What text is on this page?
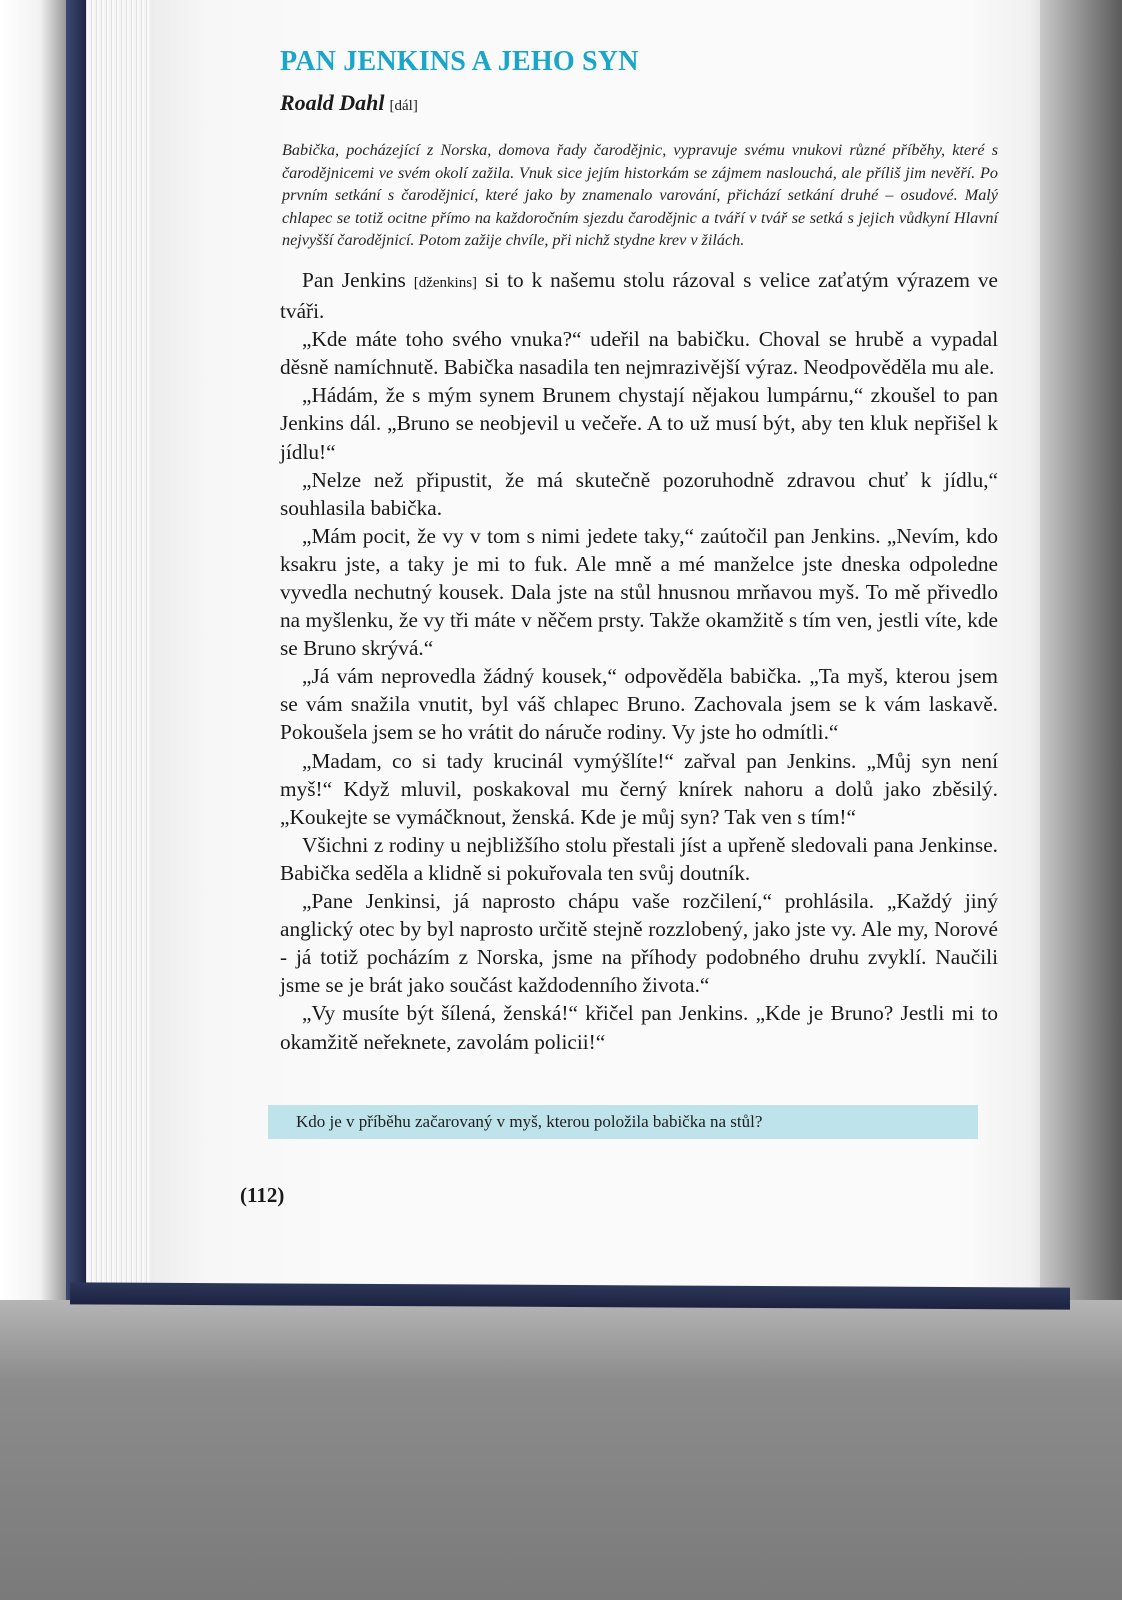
PAN JENKINS A JEHO SYN
Roald Dahl [dál]

Babička, pocházející z Norska, domova řady čarodějnic, vypravuje svému vnukovi různé příběhy, které s čarodějnicemi ve svém okolí zažila. Vnuk sice jejím historkám se zájmem naslouchá, ale příliš jim nevěří. Po prvním setkání s čarodějnicí, které jako by znamenalo varování, přichází setkání druhé – osudové. Malý chlapec se totiž ocitne přímo na každoročním sjezdu čarodějnic a tváří v tvář se setká s jejich vůdkyní Hlavní nejvyšší čarodějnicí. Potom zažije chvíle, při nichž stydne krev v žilách.

Pan Jenkins [dženkins] si to k našemu stolu rázoval s velice zaťatým výrazem ve tváři.

„Kde máte toho svého vnuka?“ udeřil na babičku. Choval se hrubě a vypadal děsně namíchnutě. Babička nasadila ten nejmrazivější výraz. Neodpověděla mu ale.

„Hádám, že s mým synem Brunem chystají nějakou lumpárnu,“ zkoušel to pan Jenkins dál. „Bruno se neobjevil u večeře. A to už musí být, aby ten kluk nepřišel k jídlu!“

„Nelze než připustit, že má skutečně pozoruhodně zdravou chuť k jídlu,“ souhlasila babička.

„Mám pocit, že vy v tom s nimi jedete taky,“ zaútočil pan Jenkins. „Nevím, kdo ksakru jste, a taky je mi to fuk. Ale mně a mé manželce jste dneska odpoledne vyvedla nechutný kousek. Dala jste na stůl hnusnou mrňavou myš. To mě přivedlo na myšlenku, že vy tři máte v něčem prsty. Takže okamžitě s tím ven, jestli víte, kde se Bruno skrývá.“

„Já vám neprovedla žádný kousek,“ odpověděla babička. „Ta myš, kterou jsem se vám snažila vnutit, byl váš chlapec Bruno. Zachovala jsem se k vám laskavě. Pokoušela jsem se ho vrátit do náruče rodiny. Vy jste ho odmítli.“

„Madam, co si tady krucinál vymýšlíte!“ zařval pan Jenkins. „Můj syn není myš!“ Když mluvil, poskakoval mu černý knírek nahoru a dolů jako zběsilý. „Koukejte se vymáčknout, ženská. Kde je můj syn? Tak ven s tím!“

Všichni z rodiny u nejbližšího stolu přestali jíst a upřeně sledovali pana Jenkinse. Babička seděla a klidně si pokuřovala ten svůj doutník.

„Pane Jenkinsi, já naprosto chápu vaše rozčilení,“ prohlásila. „Každý jiný anglický otec by byl naprosto určitě stejně rozzlobený, jako jste vy. Ale my, Norové - já totiž pocházím z Norska, jsme na příhody podobného druhu zvyklí. Naučili jsme se je brát jako součást každodenního života.“

„Vy musíte být šílená, ženská!“ křičel pan Jenkins. „Kde je Bruno? Jestli mi to okamžitě neřeknete, zavolám policii!“

Kdo je v příběhu začarovaný v myš, kterou položila babička na stůl?
(112)
